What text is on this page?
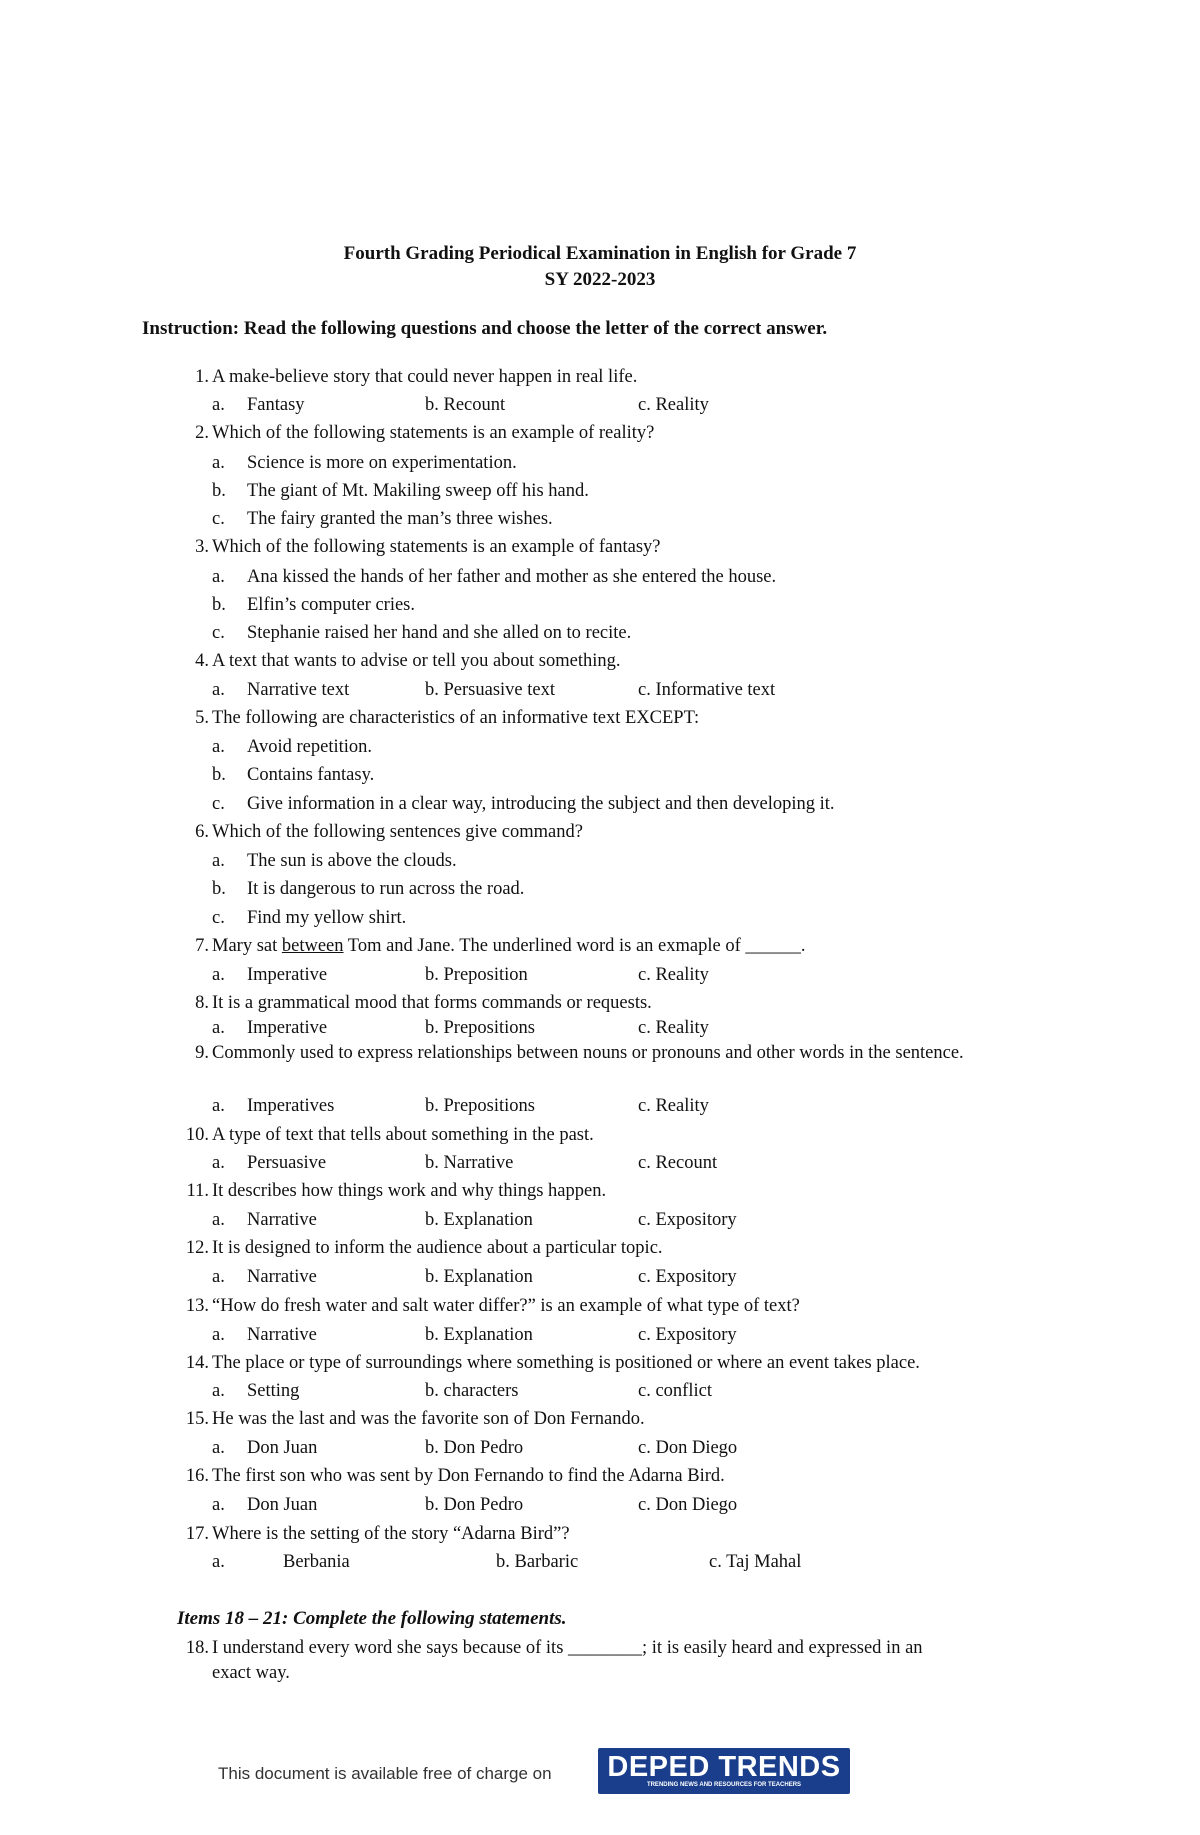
Fourth Grading Periodical Examination in English for Grade 7
SY 2022-2023
Instruction: Read the following questions and choose the letter of the correct answer.
1. A make-believe story that could never happen in real life.
a. Fantasy	b. Recount	c. Reality
2. Which of the following statements is an example of reality?
a. Science is more on experimentation.
b. The giant of Mt. Makiling sweep off his hand.
c. The fairy granted the man’s three wishes.
3. Which of the following statements is an example of fantasy?
a. Ana kissed the hands of her father and mother as she entered the house.
b. Elfin’s computer cries.
c. Stephanie raised her hand and she alled on to recite.
4. A text that wants to advise or tell you about something.
a. Narrative text	b. Persuasive text	c. Informative text
5. The following are characteristics of an informative text EXCEPT:
a. Avoid repetition.
b. Contains fantasy.
c. Give information in a clear way, introducing the subject and then developing it.
6. Which of the following sentences give command?
a. The sun is above the clouds.
b. It is dangerous to run across the road.
c. Find my yellow shirt.
7. Mary sat between Tom and Jane. The underlined word is an exmaple of ______.
a. Imperative	b. Preposition	c. Reality
8. It is a grammatical mood that forms commands or requests.
a. Imperative	b. Prepositions	c. Reality
9. Commonly used to express relationships between nouns or pronouns and other words in the sentence.
a. Imperatives	b. Prepositions	c. Reality
10. A type of text that tells about something in the past.
a. Persuasive	b. Narrative	c. Recount
11. It describes how things work and why things happen.
a. Narrative	b. Explanation	c. Expository
12. It is designed to inform the audience about a particular topic.
a. Narrative	b. Explanation	c. Expository
13. “How do fresh water and salt water differ?” is an example of what type of text?
a. Narrative	b. Explanation	c. Expository
14. The place or type of surroundings where something is positioned or where an event takes place.
a. Setting	b. characters	c. conflict
15. He was the last and was the favorite son of Don Fernando.
a. Don Juan	b. Don Pedro	c. Don Diego
16. The first son who was sent by Don Fernando to find the Adarna Bird.
a. Don Juan	b. Don Pedro	c. Don Diego
17. Where is the setting of the story “Adarna Bird”?
a.	Berbania	b. Barbaric	c. Taj Mahal
Items 18 – 21: Complete the following statements.
18. I understand every word she says because of its ________; it is easily heard and expressed in an
exact way.
This document is available free of charge on	DEPED TRENDS
TRENDING NEWS AND RESOURCES FOR TEACHERS
